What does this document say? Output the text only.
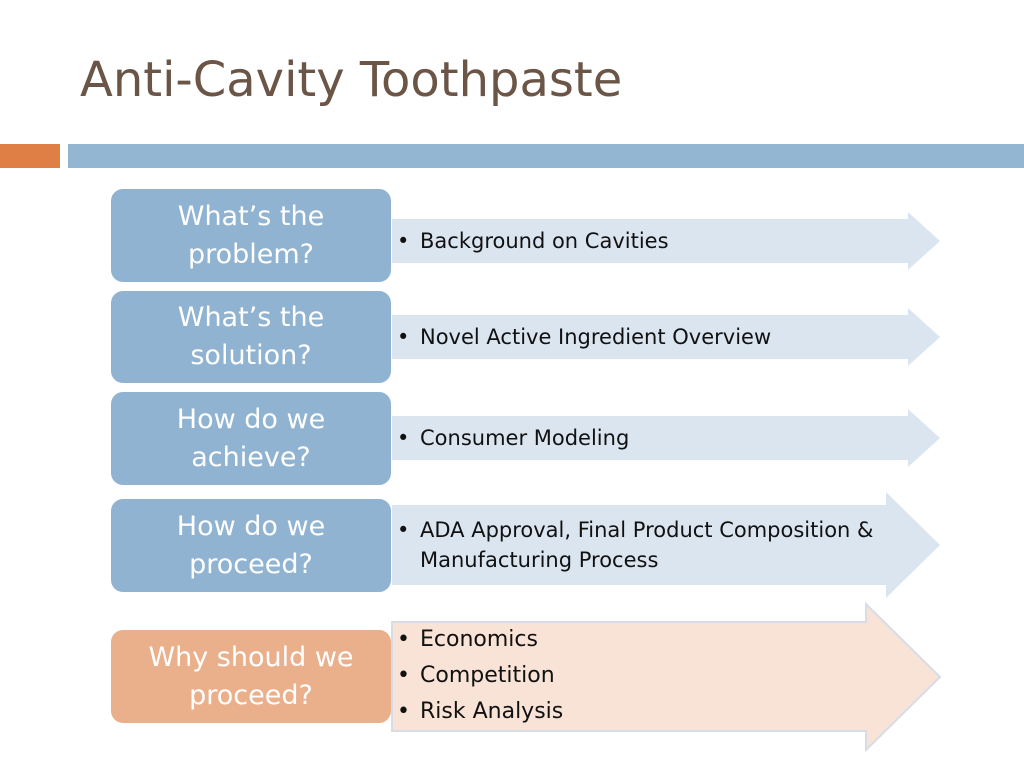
Anti-Cavity Toothpaste
What’s the
problem?
•	Background on Cavities
What’s the
solution?
• Novel Active Ingredient Overview
How do we
achieve?
• Consumer Modeling
How do we
proceed?
• ADA Approval, Final Product Composition & Manufacturing Process
Why should we
proceed?
• Economics
• Competition
• Risk Analysis
